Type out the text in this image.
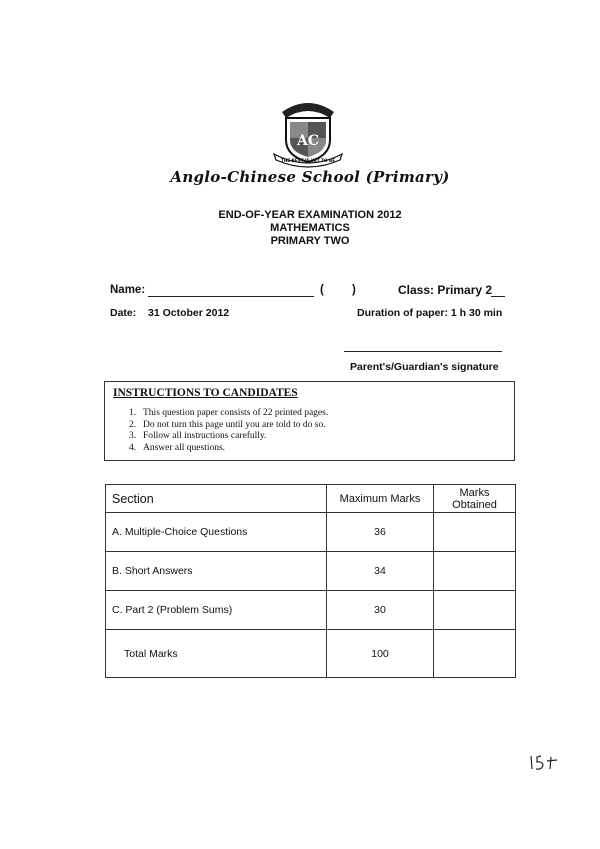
AC
THE BEST IS YET TO BE
Anglo-Chinese School (Primary)
END-OF-YEAR EXAMINATION 2012
MATHEMATICS
PRIMARY TWO
Name:	( )	Class: Primary 2
Date: 31 October 2012	Duration of paper: 1 h 30 min
Parent's/Guardian's signature
INSTRUCTIONS TO CANDIDATES
1. This question paper consists of 22 printed pages.
2. Do not turn this page until you are told to do so.
3. Follow all instructions carefully.
4. Answer all questions.
Section	Maximum Marks	Marks Obtained
A. Multiple-Choice Questions	36	
B. Short Answers	34	
C. Part 2 (Problem Sums)	30	
Total Marks	100	
